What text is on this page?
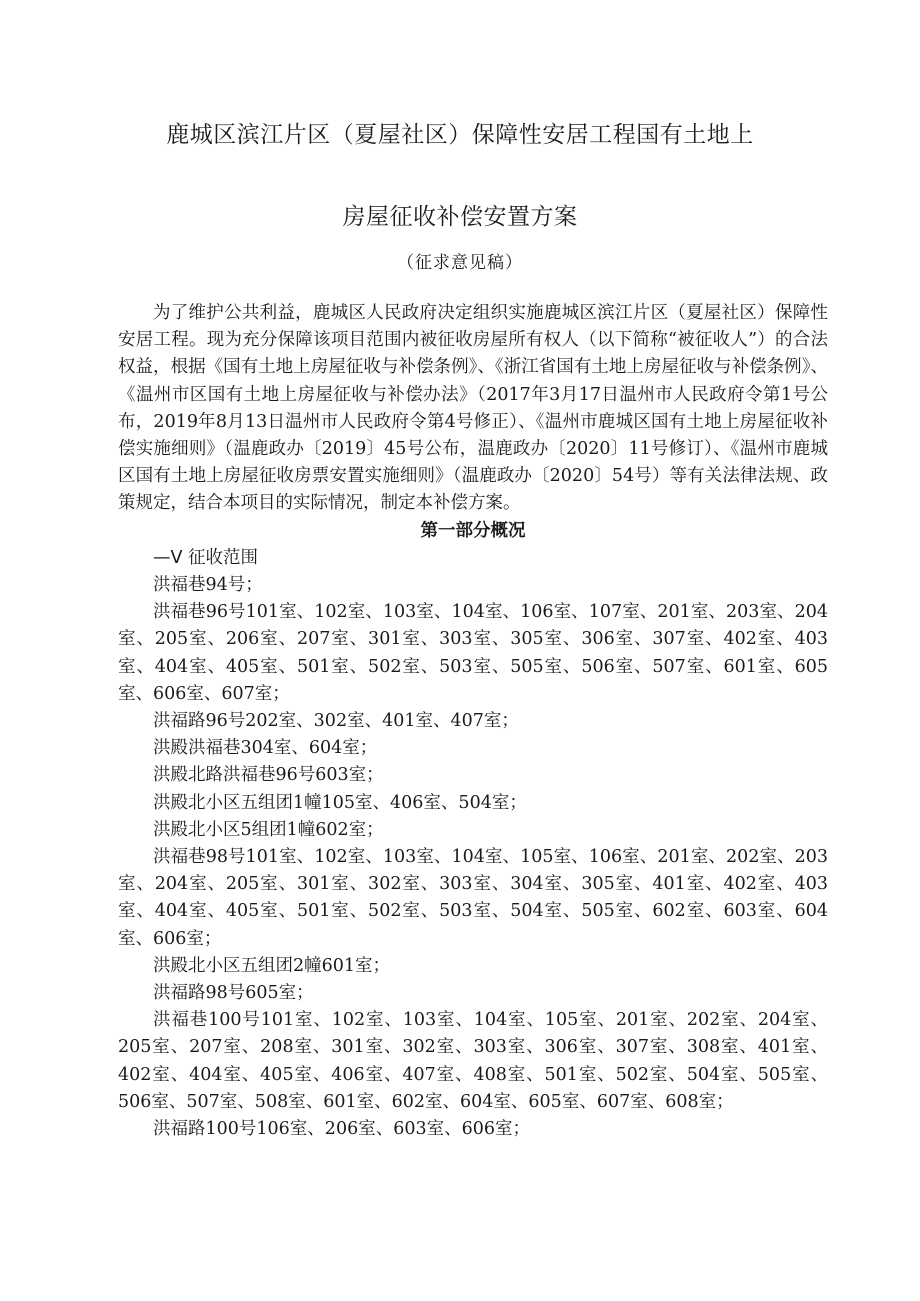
鹿城区滨江片区（夏屋社区）保障性安居工程国有土地上
房屋征收补偿安置方案
（征求意见稿）

为了维护公共利益，鹿城区人民政府决定组织实施鹿城区滨江片区（夏屋社区）保障性安居工程。现为充分保障该项目范围内被征收房屋所有权人（以下简称“被征收人”）的合法权益，根据《国有土地上房屋征收与补偿条例》、《浙江省国有土地上房屋征收与补偿条例》、《温州市区国有土地上房屋征收与补偿办法》（2017年3月17日温州市人民政府令第1号公布，2019年8月13日温州市人民政府令第4号修正）、《温州市鹿城区国有土地上房屋征收补偿实施细则》（温鹿政办〔2019〕45号公布，温鹿政办〔2020〕11号修订）、《温州市鹿城区国有土地上房屋征收房票安置实施细则》（温鹿政办〔2020〕54号）等有关法律法规、政策规定，结合本项目的实际情况，制定本补偿方案。

第一部分概况

—V 征收范围

洪福巷94号；

洪福巷96号101室、102室、103室、104室、106室、107室、201室、203室、204室、205室、206室、207室、301室、303室、305室、306室、307室、402室、403室、404室、405室、501室、502室、503室、505室、506室、507室、601室、605室、606室、607室；

洪福路96号202室、302室、401室、407室；

洪殿洪福巷304室、604室；

洪殿北路洪福巷96号603室；

洪殿北小区五组团1幢105室、406室、504室；

洪殿北小区5组团1幢602室；

洪福巷98号101室、102室、103室、104室、105室、106室、201室、202室、203室、204室、205室、301室、302室、303室、304室、305室、401室、402室、403室、404室、405室、501室、502室、503室、504室、505室、602室、603室、604室、606室；

洪殿北小区五组团2幢601室；

洪福路98号605室；

洪福巷100号101室、102室、103室、104室、105室、201室、202室、204室、205室、207室、208室、301室、302室、303室、306室、307室、308室、401室、402室、404室、405室、406室、407室、408室、501室、502室、504室、505室、506室、507室、508室、601室、602室、604室、605室、607室、608室；

洪福路100号106室、206室、603室、606室；
